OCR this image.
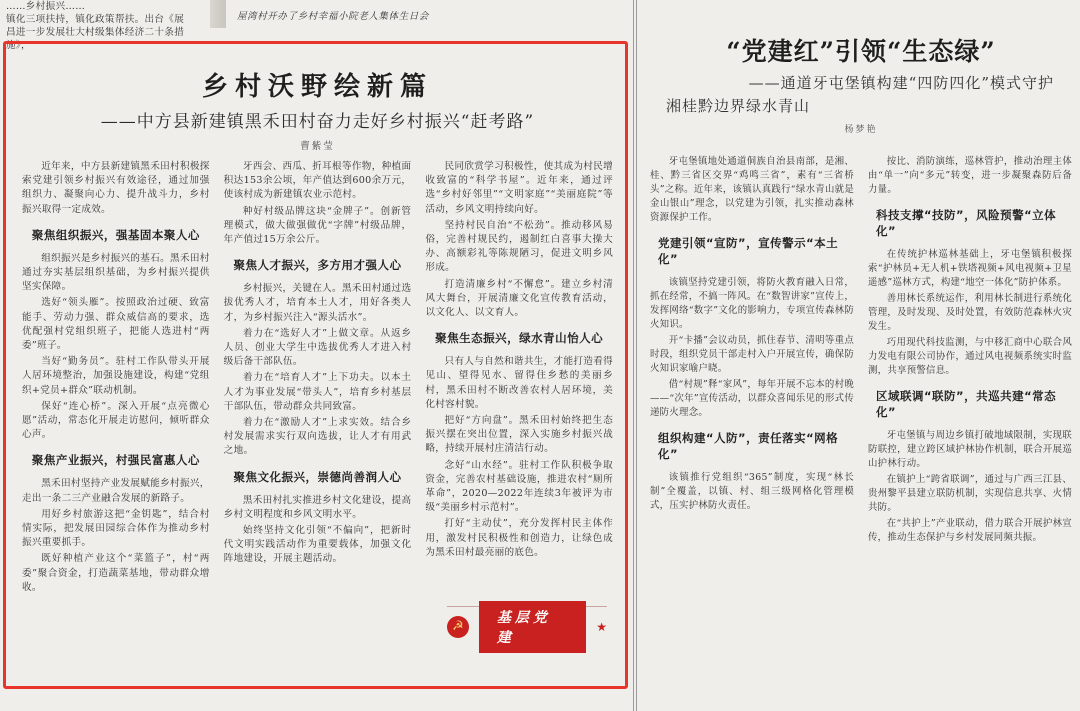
……乡村振兴……

镇化三项扶持，镇化政策帮扶。出台《展

昌进一步发展壮大村级集体经济二十条措施》，

屋湾村开办了乡村幸福小院老人集体生日会
乡村沃野绘新篇
——中方县新建镇黑禾田村奋力走好乡村振兴“赶考路”
曹紫莹

近年来，中方县新建镇黑禾田村积极探索党建引领乡村振兴有效途径，通过加强组织力、凝聚向心力、提升战斗力，乡村振兴取得一定成效。

聚焦组织振兴，强基固本聚人心

组织振兴是乡村振兴的基石。黑禾田村通过夯实基层组织基础，为乡村振兴提供坚实保障。

选好“领头雁”。按照政治过硬、致富能手、劳动力强、群众威信高的要求，选优配强村党组织班子，把能人选进村“两委”班子。

当好“勤务员”。驻村工作队带头开展人居环境整治，加强设施建设，构建“党组织+党员+群众”联动机制。

保好“连心桥”。深入开展“点亮微心愿”活动，常态化开展走访慰问，倾听群众心声。

聚焦产业振兴，村强民富惠人心

黑禾田村坚持产业发展赋能乡村振兴，走出一条二三产业融合发展的新路子。

用好乡村旅游这把“金钥匙”，结合村情实际，把发展田园综合体作为推动乡村振兴重要抓手。

既好种植产业这个“菜篮子”，村“两委”聚合资金，打造蔬菜基地，带动群众增收。

牙西会、西瓜、折耳根等作物，种植面积达153余公顷，年产值达到600余万元，使该村成为新建镇农业示范村。

种好村级品牌这块“金牌子”。创新管理模式，做大做强做优“字牌”村级品牌，年产值过15万余公斤。

聚焦人才振兴，多方用才强人心

乡村振兴，关键在人。黑禾田村通过选拔优秀人才，培育本土人才，用好各类人才，为乡村振兴注入“源头活水”。

着力在“选好人才”上做文章。从返乡人员、创业大学生中选拔优秀人才进入村级后备干部队伍。

着力在“培育人才”上下功夫。以本土人才为事业发展“带头人”，培育乡村基层干部队伍，带动群众共同致富。

着力在“激励人才”上求实效。结合乡村发展需求实行双向选拔，让人才有用武之地。

聚焦文化振兴，崇德尚善润人心

黑禾田村扎实推进乡村文化建设，提高乡村文明程度和乡风文明水平。

始终坚持文化引领“不偏向”，把新时代文明实践活动作为重要载体，加强文化阵地建设，开展主题活动。

民同欣赏学习积极性，使其成为村民增收致富的“科学书屋”。近年来，通过评选“乡村好邻里”“文明家庭”“美丽庭院”等活动，乡风文明持续向好。

坚持村民自治“不松劲”。推动移风易俗，完善村规民约，遏制红白喜事大操大办、高额彩礼等陈规陋习，促进文明乡风形成。

打造清廉乡村“不懈怠”。建立乡村清风大舞台，开展清廉文化宣传教育活动，以文化人、以文育人。

聚焦生态振兴，绿水青山怡人心

只有人与自然和谐共生，才能打造看得见山、望得见水、留得住乡愁的美丽乡村，黑禾田村不断改善农村人居环境，美化村容村貌。

把好“方向盘”。黑禾田村始终把生态振兴摆在突出位置，深入实施乡村振兴战略，持续开展村庄清洁行动。

念好“山水经”。驻村工作队积极争取资金，完善农村基础设施，推进农村“厕所革命”，2020—2022年连续3年被评为市级“美丽乡村示范村”。

打好“主动仗”，充分发挥村民主体作用，激发村民积极性和创造力，让绿色成为黑禾田村最亮丽的底色。

☭
基层党建
★
“党建红”引领“生态绿”
——通道牙屯堡镇构建“四防四化”模式守护
湘桂黔边界绿水青山
杨梦艳

牙屯堡镇地处通道侗族自治县南部，是湘、桂、黔三省区交界“鸡鸣三省”，素有“三省桥头”之称。近年来，该镇认真践行“绿水青山就是金山银山”理念，以党建为引领，扎实推动森林资源保护工作。

党建引领“宣防”，宣传警示“本土化”

该镇坚持党建引领，将防火教育融入日常，抓在经常，不搞一阵风。在“数智讲家”宣传上，发挥网络“数字”文化的影响力，专项宣传森林防火知识。

开“卡播”会议动员，抓住春节、清明等重点时段，组织党员干部走村入户开展宣传，确保防火知识家喻户晓。

借“村规”释“家风”，每年开展不忘本的村晚——“次年”宣传活动，以群众喜闻乐见的形式传递防火理念。

组织构建“人防”，责任落实“网格化”

该镇推行党组织“365”制度，实现“林长制”全覆盖，以镇、村、组三级网格化管理模式，压实护林防火责任。

按比、消防演练，巡林管护，推动治理主体由“单一”向“多元”转变，进一步凝聚森防后备力量。

科技支撑“技防”，风险预警“立体化”

在传统护林巡林基础上，牙屯堡镇积极探索“护林员+无人机+铁塔视频+风电视频+卫星遥感”巡林方式，构建“地空一体化”防护体系。

善用林长系统运作，利用林长制进行系统化管理，及时发现、及时处置，有效防范森林火灾发生。

巧用现代科技监测，与中移汇商中心联合风力发电有限公司协作，通过风电视频系统实时监测，共享预警信息。

区域联调“联防”，共巡共建“常态化”

牙屯堡镇与周边乡镇打破地域限制，实现联防联控，建立跨区域护林协作机制，联合开展巡山护林行动。

在镇护上“跨省联调”，通过与广西三江县、贵州黎平县建立联防机制，实现信息共享、火情共防。

在“共护上”产业联动，借力联合开展护林宣传，推动生态保护与乡村发展同频共振。
